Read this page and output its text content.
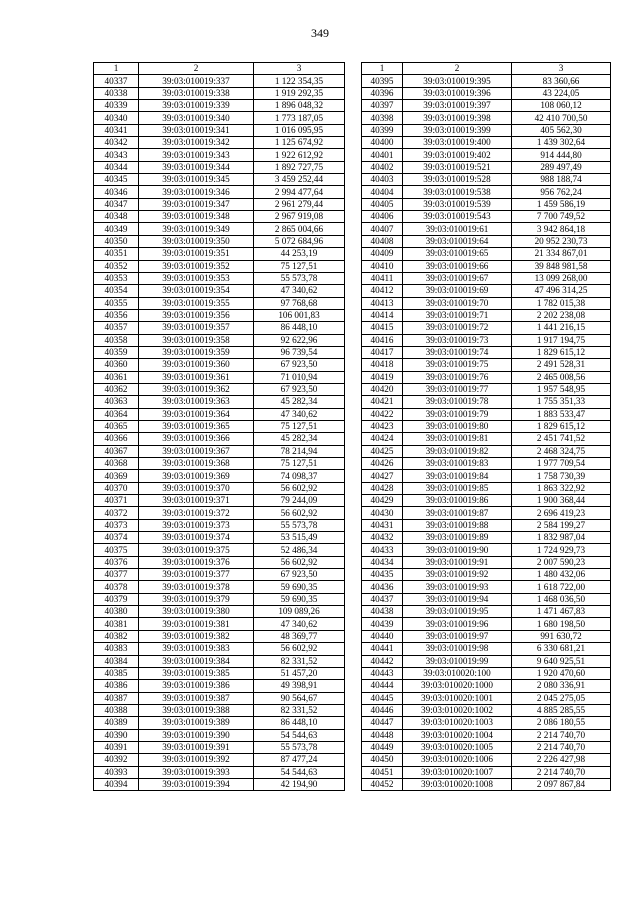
349
1	2	3
40337	39:03:010019:337	1 122 354,35
40338	39:03:010019:338	1 919 292,35
40339	39:03:010019:339	1 896 048,32
40340	39:03:010019:340	1 773 187,05
40341	39:03:010019:341	1 016 095,95
40342	39:03:010019:342	1 125 674,92
40343	39:03:010019:343	1 922 612,92
40344	39:03:010019:344	1 892 727,75
40345	39:03:010019:345	3 459 252,44
40346	39:03:010019:346	2 994 477,64
40347	39:03:010019:347	2 961 279,44
40348	39:03:010019:348	2 967 919,08
40349	39:03:010019:349	2 865 004,66
40350	39:03:010019:350	5 072 684,96
40351	39:03:010019:351	44 253,19
40352	39:03:010019:352	75 127,51
40353	39:03:010019:353	55 573,78
40354	39:03:010019:354	47 340,62
40355	39:03:010019:355	97 768,68
40356	39:03:010019:356	106 001,83
40357	39:03:010019:357	86 448,10
40358	39:03:010019:358	92 622,96
40359	39:03:010019:359	96 739,54
40360	39:03:010019:360	67 923,50
40361	39:03:010019:361	71 010,94
40362	39:03:010019:362	67 923,50
40363	39:03:010019:363	45 282,34
40364	39:03:010019:364	47 340,62
40365	39:03:010019:365	75 127,51
40366	39:03:010019:366	45 282,34
40367	39:03:010019:367	78 214,94
40368	39:03:010019:368	75 127,51
40369	39:03:010019:369	74 098,37
40370	39:03:010019:370	56 602,92
40371	39:03:010019:371	79 244,09
40372	39:03:010019:372	56 602,92
40373	39:03:010019:373	55 573,78
40374	39:03:010019:374	53 515,49
40375	39:03:010019:375	52 486,34
40376	39:03:010019:376	56 602,92
40377	39:03:010019:377	67 923,50
40378	39:03:010019:378	59 690,35
40379	39:03:010019:379	59 690,35
40380	39:03:010019:380	109 089,26
40381	39:03:010019:381	47 340,62
40382	39:03:010019:382	48 369,77
40383	39:03:010019:383	56 602,92
40384	39:03:010019:384	82 331,52
40385	39:03:010019:385	51 457,20
40386	39:03:010019:386	49 398,91
40387	39:03:010019:387	90 564,67
40388	39:03:010019:388	82 331,52
40389	39:03:010019:389	86 448,10
40390	39:03:010019:390	54 544,63
40391	39:03:010019:391	55 573,78
40392	39:03:010019:392	87 477,24
40393	39:03:010019:393	54 544,63
40394	39:03:010019:394	42 194,90
1	2	3
40395	39:03:010019:395	83 360,66
40396	39:03:010019:396	43 224,05
40397	39:03:010019:397	108 060,12
40398	39:03:010019:398	42 410 700,50
40399	39:03:010019:399	405 562,30
40400	39:03:010019:400	1 439 302,64
40401	39:03:010019:402	914 444,80
40402	39:03:010019:521	289 497,49
40403	39:03:010019:528	988 188,74
40404	39:03:010019:538	956 762,24
40405	39:03:010019:539	1 459 586,19
40406	39:03:010019:543	7 700 749,52
40407	39:03:010019:61	3 942 864,18
40408	39:03:010019:64	20 952 230,73
40409	39:03:010019:65	21 334 867,01
40410	39:03:010019:66	39 848 981,58
40411	39:03:010019:67	13 099 268,00
40412	39:03:010019:69	47 496 314,25
40413	39:03:010019:70	1 782 015,38
40414	39:03:010019:71	2 202 238,08
40415	39:03:010019:72	1 441 216,15
40416	39:03:010019:73	1 917 194,75
40417	39:03:010019:74	1 829 615,12
40418	39:03:010019:75	2 491 528,31
40419	39:03:010019:76	2 465 008,56
40420	39:03:010019:77	1 957 548,95
40421	39:03:010019:78	1 755 351,33
40422	39:03:010019:79	1 883 533,47
40423	39:03:010019:80	1 829 615,12
40424	39:03:010019:81	2 451 741,52
40425	39:03:010019:82	2 468 324,75
40426	39:03:010019:83	1 977 709,54
40427	39:03:010019:84	1 758 730,39
40428	39:03:010019:85	1 863 322,92
40429	39:03:010019:86	1 900 368,44
40430	39:03:010019:87	2 696 419,23
40431	39:03:010019:88	2 584 199,27
40432	39:03:010019:89	1 832 987,04
40433	39:03:010019:90	1 724 929,73
40434	39:03:010019:91	2 007 590,23
40435	39:03:010019:92	1 480 432,06
40436	39:03:010019:93	1 618 722,00
40437	39:03:010019:94	1 468 036,50
40438	39:03:010019:95	1 471 467,83
40439	39:03:010019:96	1 680 198,50
40440	39:03:010019:97	991 630,72
40441	39:03:010019:98	6 330 681,21
40442	39:03:010019:99	9 640 925,51
40443	39:03:010020:100	1 920 470,60
40444	39:03:010020:1000	2 080 336,91
40445	39:03:010020:1001	2 045 275,05
40446	39:03:010020:1002	4 885 285,55
40447	39:03:010020:1003	2 086 180,55
40448	39:03:010020:1004	2 214 740,70
40449	39:03:010020:1005	2 214 740,70
40450	39:03:010020:1006	2 226 427,98
40451	39:03:010020:1007	2 214 740,70
40452	39:03:010020:1008	2 097 867,84
